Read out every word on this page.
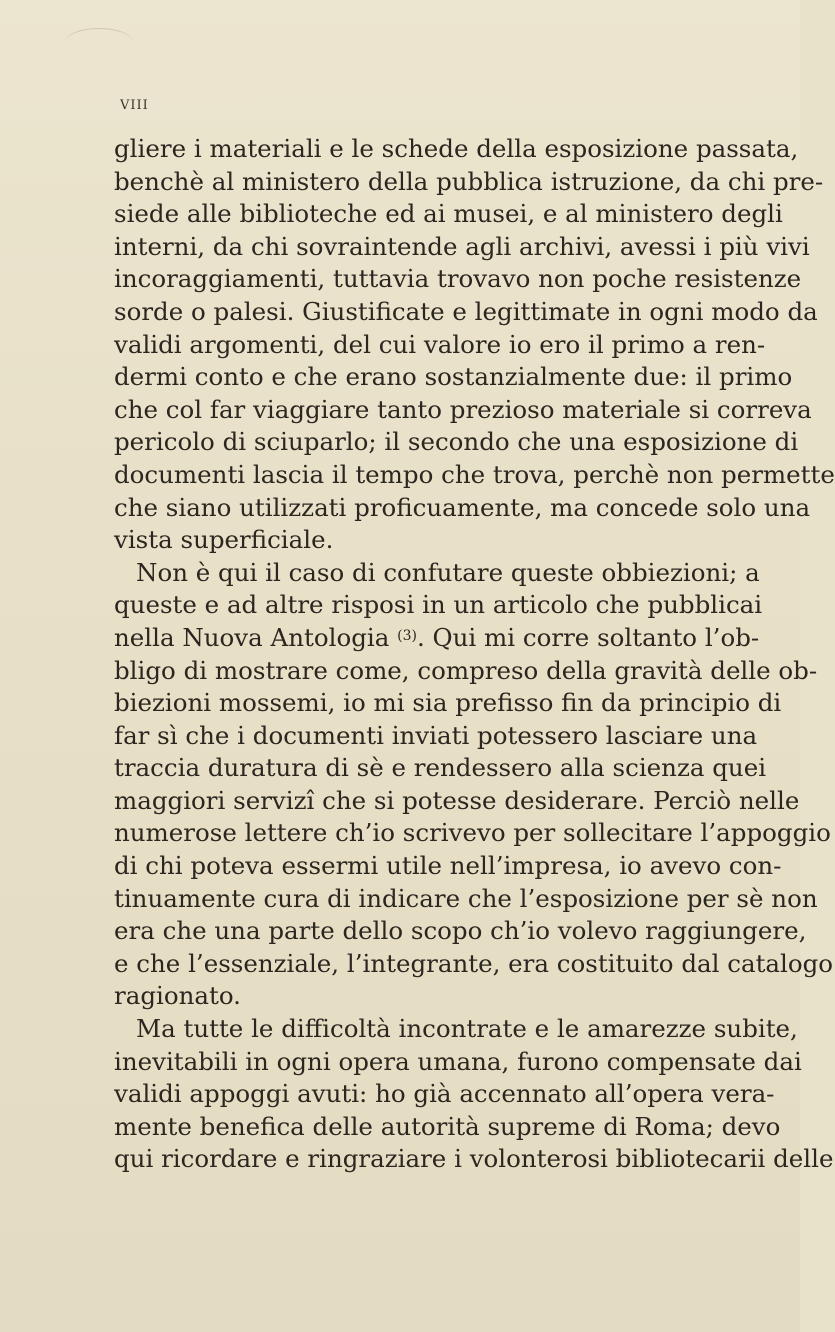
VIII
gliere i materiali e le schede della esposizione passata,
benchè al ministero della pubblica istruzione, da chi pre-
siede alle biblioteche ed ai musei, e al ministero degli
interni, da chi sovraintende agli archivi, avessi i più vivi
incoraggiamenti, tuttavia trovavo non poche resistenze
sorde o palesi. Giustificate e legittimate in ogni modo da
validi argomenti, del cui valore io ero il primo a ren-
dermi conto e che erano sostanzialmente due: il primo
che col far viaggiare tanto prezioso materiale si correva
pericolo di sciuparlo; il secondo che una esposizione di
documenti lascia il tempo che trova, perchè non permette
che siano utilizzati proficuamente, ma concede solo una
vista superficiale.
Non è qui il caso di confutare queste obbiezioni; a
queste e ad altre risposi in un articolo che pubblicai
nella Nuova Antologia $^{(3)}$. Qui mi corre soltanto l’ob-
bligo di mostrare come, compreso della gravità delle ob-
biezioni mossemi, io mi sia prefisso fin da principio di
far sì che i documenti inviati potessero lasciare una
traccia duratura di sè e rendessero alla scienza quei
maggiori servizî che si potesse desiderare. Perciò nelle
numerose lettere ch’io scrivevo per sollecitare l’appoggio
di chi poteva essermi utile nell’impresa, io avevo con-
tinuamente cura di indicare che l’esposizione per sè non
era che una parte dello scopo ch’io volevo raggiungere,
e che l’essenziale, l’integrante, era costituito dal catalogo
ragionato.
Ma tutte le difficoltà incontrate e le amarezze subite,
inevitabili in ogni opera umana, furono compensate dai
validi appoggi avuti: ho già accennato all’opera vera-
mente benefica delle autorità supreme di Roma; devo
qui ricordare e ringraziare i volonterosi bibliotecarii delle
